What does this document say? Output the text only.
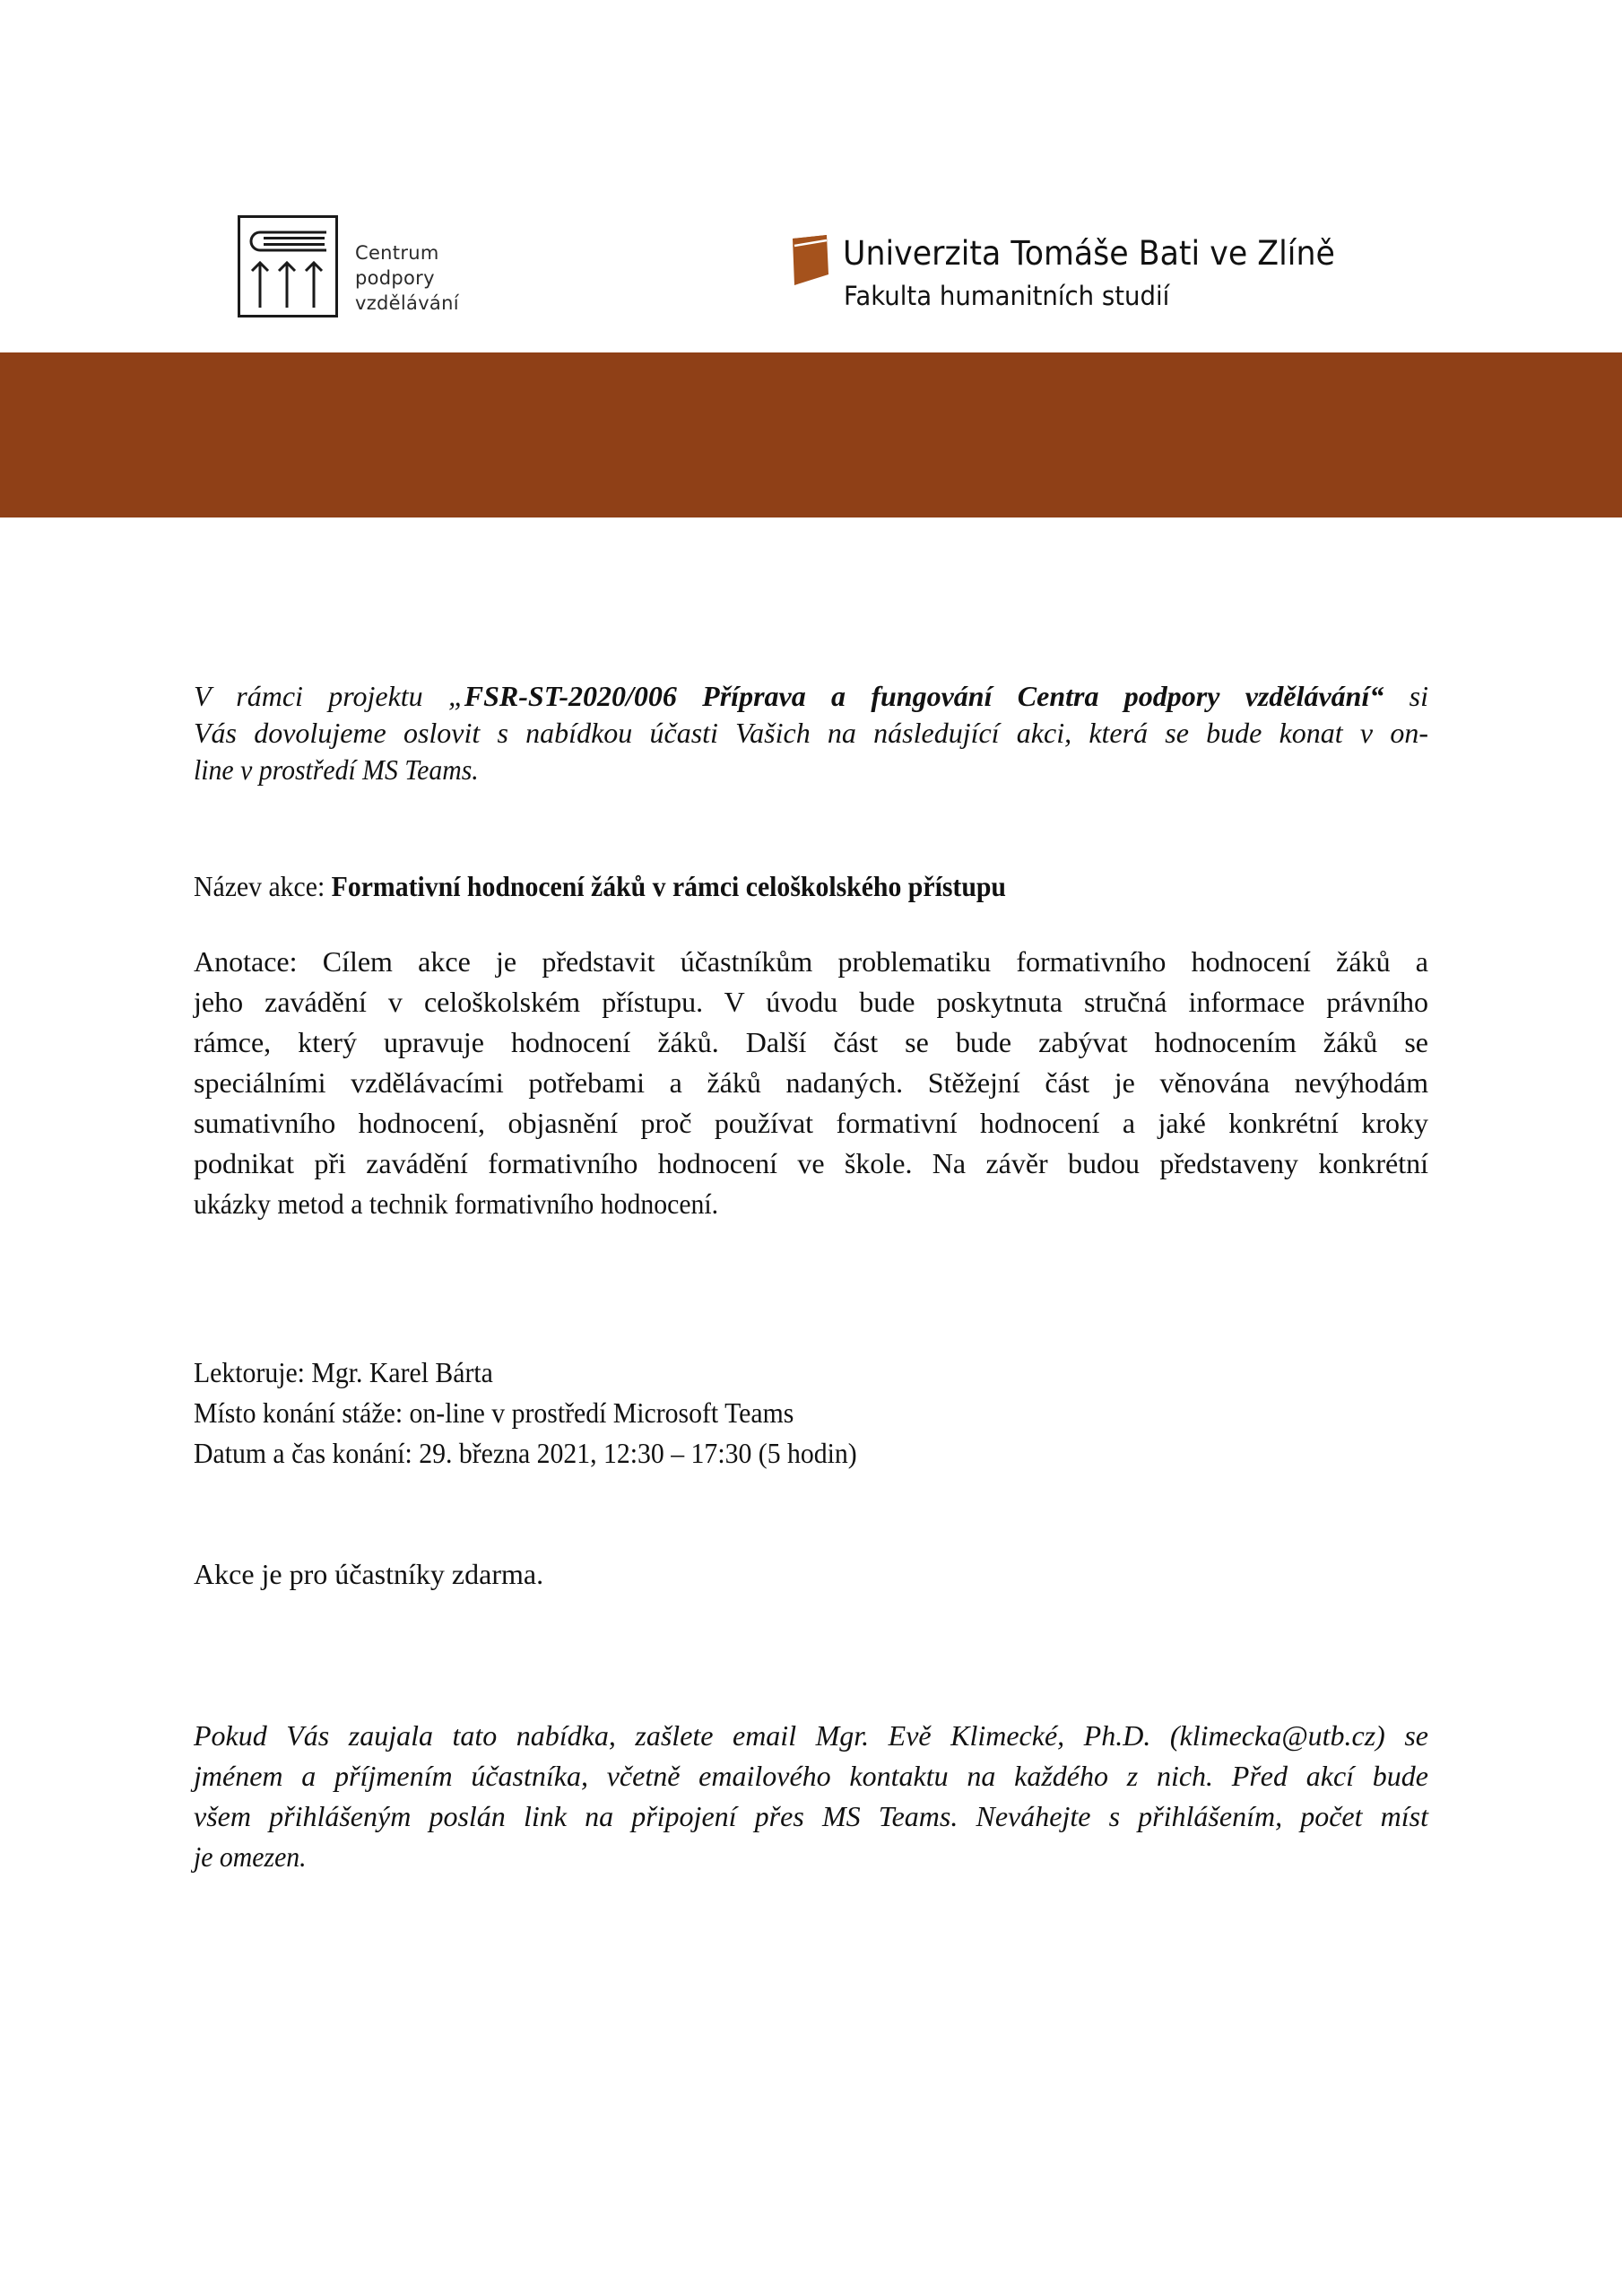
Centrum
podpory
vzdělávání
Univerzita Tomáše Bati ve Zlíně
Fakulta humanitních studií
V rámci projektu „FSR-ST-2020/006 Příprava a fungování Centra podpory vzdělávání“ si
Vás dovolujeme oslovit s nabídkou účasti Vašich na následující akci, která se bude konat v on-
line v prostředí MS Teams.
Název akce: Formativní hodnocení žáků v rámci celoškolského přístupu
Anotace: Cílem akce je představit účastníkům problematiku formativního hodnocení žáků a
jeho zavádění v celoškolském přístupu. V úvodu bude poskytnuta stručná informace právního
rámce, který upravuje hodnocení žáků. Další část se bude zabývat hodnocením žáků se
speciálními vzdělávacími potřebami a žáků nadaných. Stěžejní část je věnována nevýhodám
sumativního hodnocení, objasnění proč používat formativní hodnocení a jaké konkrétní kroky
podnikat při zavádění formativního hodnocení ve škole. Na závěr budou představeny konkrétní
ukázky metod a technik formativního hodnocení.
Lektoruje: Mgr. Karel Bárta
Místo konání stáže: on-line v prostředí Microsoft Teams
Datum a čas konání: 29. března 2021, 12:30 – 17:30 (5 hodin)
Akce je pro účastníky zdarma.
Pokud Vás zaujala tato nabídka, zašlete email Mgr. Evě Klimecké, Ph.D. (klimecka@utb.cz) se
jménem a příjmením účastníka, včetně emailového kontaktu na každého z nich. Před akcí bude
všem přihlášeným poslán link na připojení přes MS Teams. Neváhejte s přihlášením, počet míst
je omezen.
